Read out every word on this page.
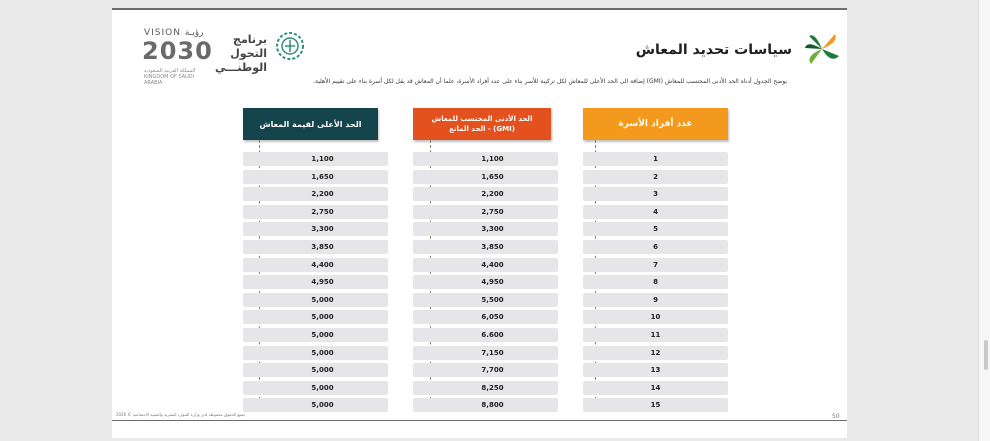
VISION رؤيـة
2030
المملكة العربية السعودية KINGDOM OF SAUDI ARABIA
برنامج التحول
الوطنـــي
سياسات تحديد المعاش
يوضح الجدول أدناه الحد الأدنى المحتسب للمعاش (GMI) إضافة الى الحد الأعلى للمعاش لكل تركيبة للأسر بناء على عدد أفراد الأسرة، علما أن المعاش قد يقل لكل أسرة بناء على تقييم الأهلية.
الحد الأعلى لقيمة المعاش
الحد الأدنى المحتسب للمعاش
(GMI) - الحد المانع	عدد أفراد الأسرة
1,100
1,650
2,200
2,750
3,300
3,850
4,400
4,950
5,000
5,000
5,000
5,000
5,000
5,000
5,000
1,100
1,650
2,200
2,750
3,300
3,850
4,400
4,950
5,500
6,050
6.600
7,150
7,700
8,250
8,800
1
2
3
4
5
6
7
8
9
10
11
12
13
14
15
جميع الحقوق محفوظة لدى وزارة الموارد البشرية والتنمية الاجتماعية © 2020	50
